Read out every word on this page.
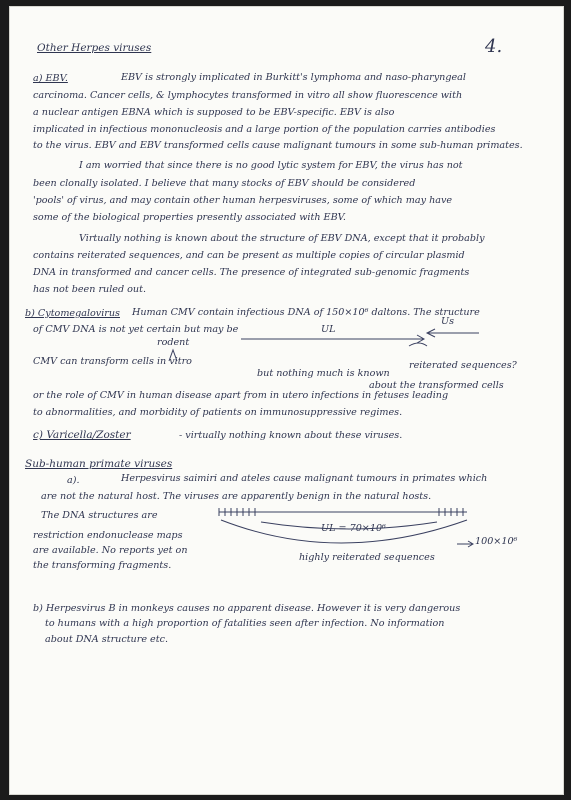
Other Herpes viruses	4.
a) EBV.	EBV is strongly implicated in Burkitt's lymphoma and naso-pharyngeal
carcinoma. Cancer cells, & lymphocytes transformed in vitro all show fluorescence with
a nuclear antigen EBNA which is supposed to be EBV-specific. EBV is also
implicated in infectious mononucleosis and a large portion of the population carries antibodies
to the virus. EBV and EBV transformed cells cause malignant tumours in some sub-human primates.
I am worried that since there is no good lytic system for EBV, the virus has not
been clonally isolated. I believe that many stocks of EBV should be considered
'pools' of virus, and may contain other human herpesviruses, some of which may have
some of the biological properties presently associated with EBV.
Virtually nothing is known about the structure of EBV DNA, except that it probably
contains reiterated sequences, and can be present as multiple copies of circular plasmid
DNA in transformed and cancer cells. The presence of integrated sub-genomic fragments
has not been ruled out.
b) Cytomegalovirus Human CMV contain infectious DNA of 150×10⁶ daltons. The structure
of CMV DNA is not yet certain but may be
rodent
UL
Us
CMV can transform cells in vitro	reiterated sequences?
but nothing much is known
about the transformed cells
or the role of CMV in human disease apart from in utero infections in fetuses leading
to abnormalities, and morbidity of patients on immunosuppressive regimes.
c) Varicella/Zoster	- virtually nothing known about these viruses.
Sub-human primate viruses
a).	Herpesvirus saimiri and ateles cause malignant tumours in primates which
are not the natural host. The viruses are apparently benign in the natural hosts.
The DNA structures are
restriction endonuclease maps
are available. No reports yet on
the transforming fragments.
UL = 70×10⁶
100×10⁶
highly reiterated sequences
b) Herpesvirus B in monkeys causes no apparent disease. However it is very dangerous
to humans with a high proportion of fatalities seen after infection. No information
about DNA structure etc.
